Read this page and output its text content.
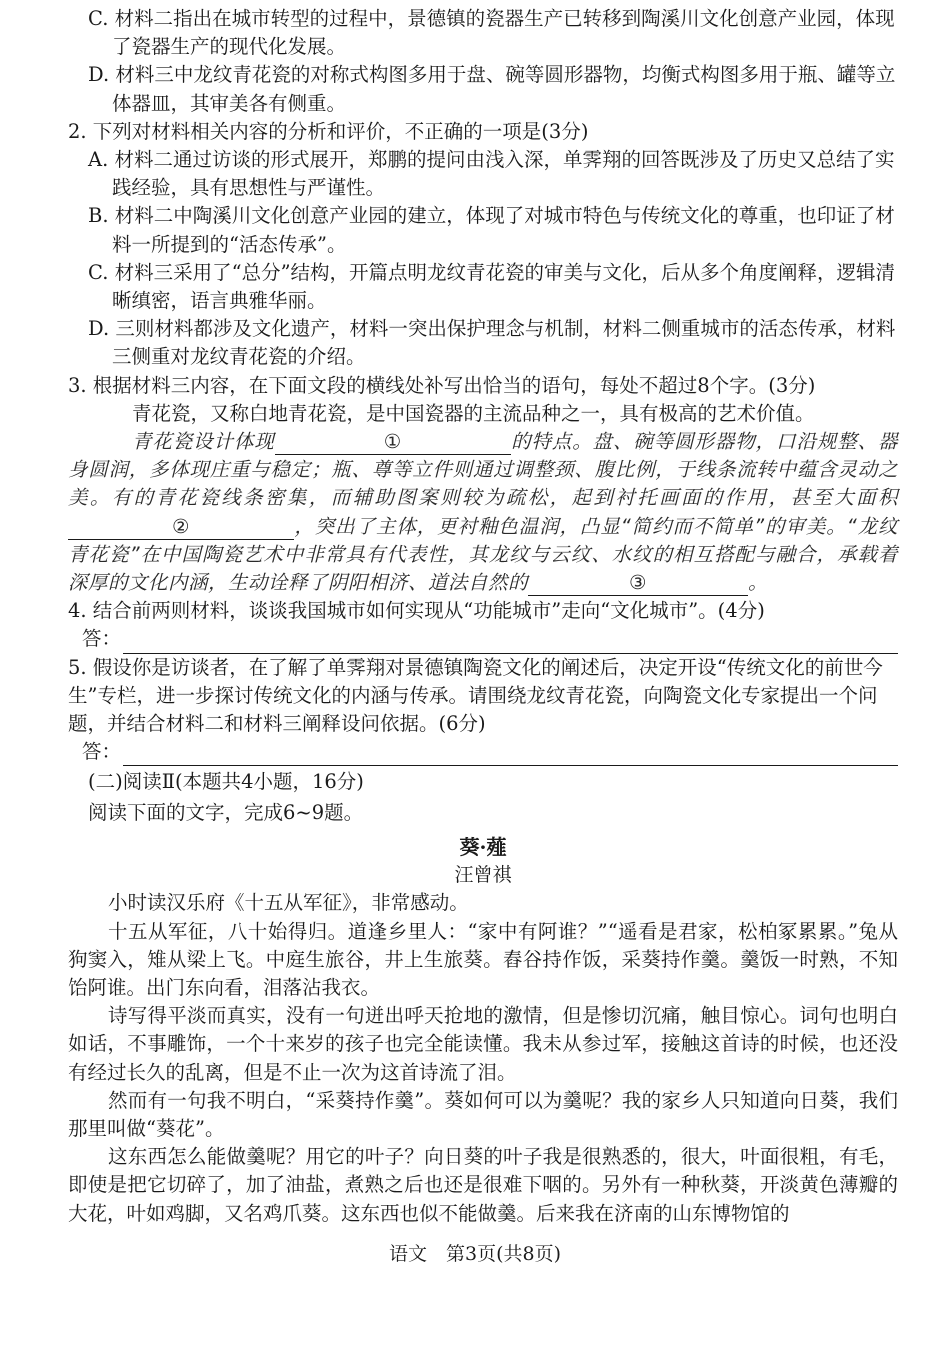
C. 材料二指出在城市转型的过程中，景德镇的瓷器生产已转移到陶溪川文化创意产业园，体现了瓷器生产的现代化发展。

D. 材料三中龙纹青花瓷的对称式构图多用于盘、碗等圆形器物，均衡式构图多用于瓶、罐等立体器皿，其审美各有侧重。

2. 下列对材料相关内容的分析和评价，不正确的一项是(3分)

A. 材料二通过访谈的形式展开，郑鹏的提问由浅入深，单霁翔的回答既涉及了历史又总结了实践经验，具有思想性与严谨性。

B. 材料二中陶溪川文化创意产业园的建立，体现了对城市特色与传统文化的尊重，也印证了材料一所提到的“活态传承”。

C. 材料三采用了“总分”结构，开篇点明龙纹青花瓷的审美与文化，后从多个角度阐释，逻辑清晰缜密，语言典雅华丽。

D. 三则材料都涉及文化遗产，材料一突出保护理念与机制，材料二侧重城市的活态传承，材料三侧重对龙纹青花瓷的介绍。

3. 根据材料三内容，在下面文段的横线处补写出恰当的语句，每处不超过8个字。(3分)

青花瓷，又称白地青花瓷，是中国瓷器的主流品种之一，具有极高的艺术价值。

青花瓷设计体现	①	的特点。盘、碗等圆形器物，口沿规整、器身圆润，多体现庄重与稳定；瓶、尊等立件则通过调整颈、腹比例，于线条流转中蕴含灵动之美。有的青花瓷线条密集，而辅助图案则较为疏松，起到衬托画面的作用，甚至大面积②	，突出了主体，更衬釉色温润，凸显“简约而不简单”的审美。“龙纹青花瓷”在中国陶瓷艺术中非常具有代表性，其龙纹与云纹、水纹的相互搭配与融合，承载着深厚的文化内涵，生动诠释了阴阳相济、道法自然的	③	。

4. 结合前两则材料，谈谈我国城市如何实现从“功能城市”走向“文化城市”。(4分)

答：

5. 假设你是访谈者，在了解了单霁翔对景德镇陶瓷文化的阐述后，决定开设“传统文化的前世今生”专栏，进一步探讨传统文化的内涵与传承。请围绕龙纹青花瓷，向陶瓷文化专家提出一个问题，并结合材料二和材料三阐释设问依据。(6分)

答：

(二)阅读Ⅱ(本题共4小题，16分)

阅读下面的文字，完成6~9题。

葵·薤

汪曾祺

小时读汉乐府《十五从军征》，非常感动。

十五从军征，八十始得归。道逢乡里人：“家中有阿谁？”“遥看是君家，松柏冢累累。”兔从狗窦入，雉从梁上飞。中庭生旅谷，井上生旅葵。舂谷持作饭，采葵持作羹。羹饭一时熟，不知饴阿谁。出门东向看，泪落沾我衣。

诗写得平淡而真实，没有一句迸出呼天抢地的激情，但是惨切沉痛，触目惊心。词句也明白如话，不事雕饰，一个十来岁的孩子也完全能读懂。我未从参过军，接触这首诗的时候，也还没有经过长久的乱离，但是不止一次为这首诗流了泪。

然而有一句我不明白，“采葵持作羹”。葵如何可以为羹呢？我的家乡人只知道向日葵，我们那里叫做“葵花”。

这东西怎么能做羹呢？用它的叶子？向日葵的叶子我是很熟悉的，很大，叶面很粗，有毛，即使是把它切碎了，加了油盐，煮熟之后也还是很难下咽的。另外有一种秋葵，开淡黄色薄瓣的大花，叶如鸡脚，又名鸡爪葵。这东西也似不能做羹。后来我在济南的山东博物馆的

语文　第3页(共8页)
